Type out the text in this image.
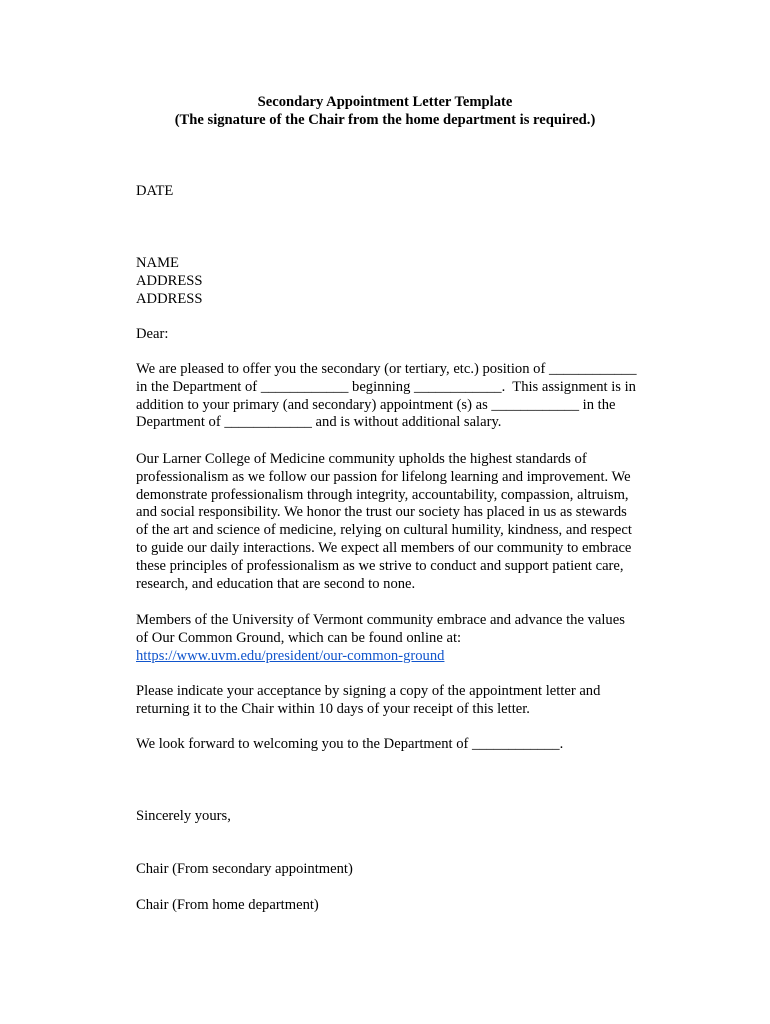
Secondary Appointment Letter Template
(The signature of the Chair from the home department is required.)
DATE
NAME
ADDRESS
ADDRESS
Dear:
We are pleased to offer you the secondary (or tertiary, etc.) position of ____________
in the Department of ____________ beginning ____________.  This assignment is in
addition to your primary (and secondary) appointment (s) as ____________ in the
Department of ____________ and is without additional salary.
Our Larner College of Medicine community upholds the highest standards of
professionalism as we follow our passion for lifelong learning and improvement. We
demonstrate professionalism through integrity, accountability, compassion, altruism,
and social responsibility. We honor the trust our society has placed in us as stewards
of the art and science of medicine, relying on cultural humility, kindness, and respect
to guide our daily interactions. We expect all members of our community to embrace
these principles of professionalism as we strive to conduct and support patient care,
research, and education that are second to none.
Members of the University of Vermont community embrace and advance the values
of Our Common Ground, which can be found online at:
https://www.uvm.edu/president/our-common-ground
Please indicate your acceptance by signing a copy of the appointment letter and
returning it to the Chair within 10 days of your receipt of this letter.
We look forward to welcoming you to the Department of ____________.
Sincerely yours,
Chair (From secondary appointment)
Chair (From home department)
